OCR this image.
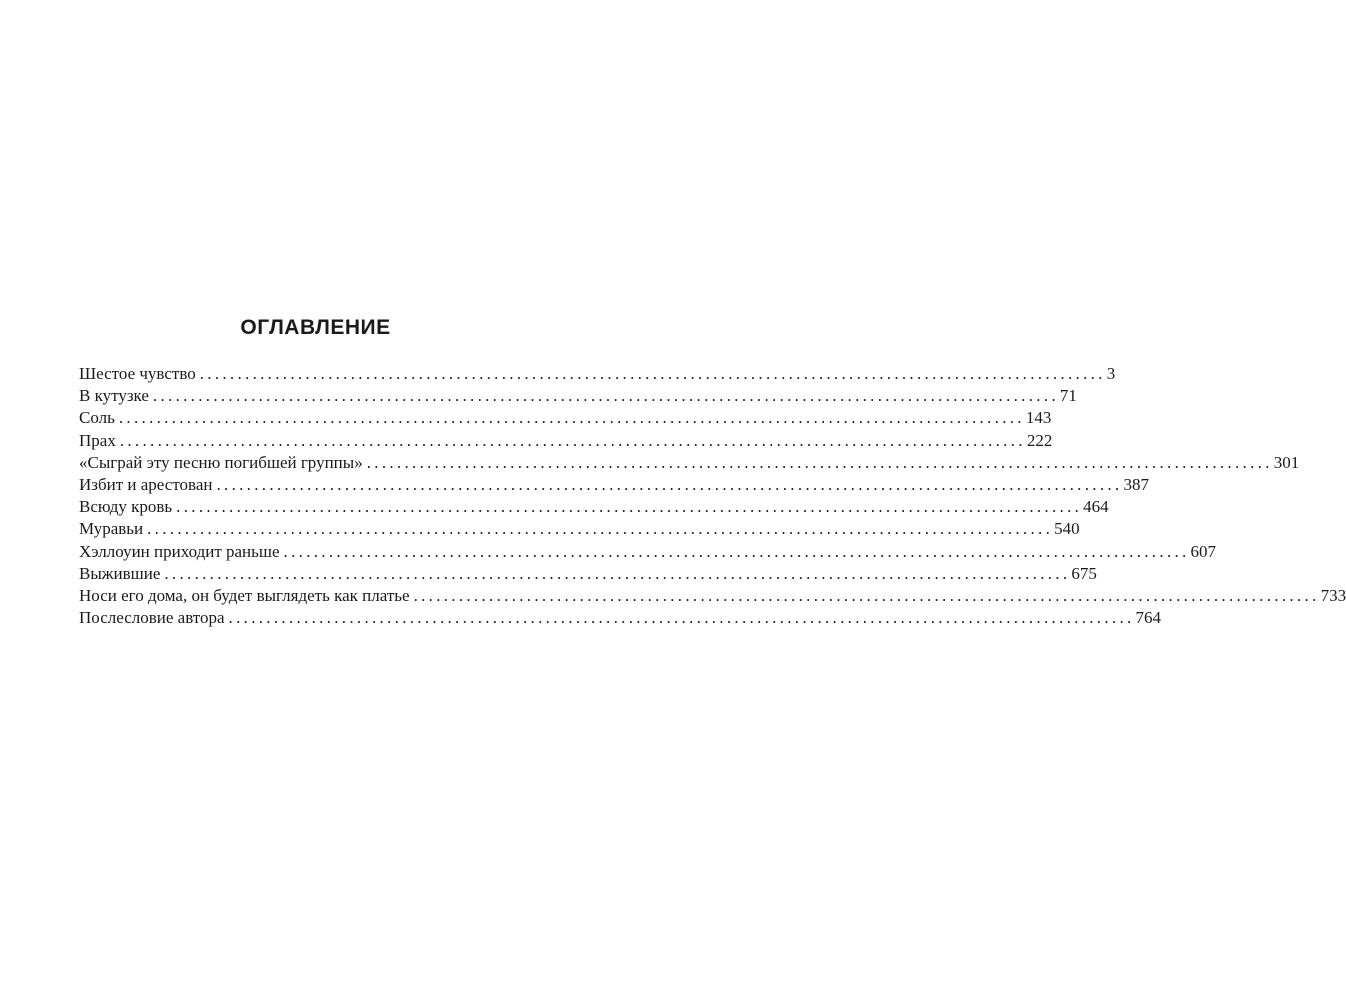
ОГЛАВЛЕНИЕ
Шестое чувство ........................................................................................................................ 3
В кутузке ........................................................................................................................ 71
Соль ........................................................................................................................ 143
Прах ........................................................................................................................ 222
«Сыграй эту песню погибшей группы» ........................................................................................................................ 301
Избит и арестован ........................................................................................................................ 387
Всюду кровь ........................................................................................................................ 464
Муравьи ........................................................................................................................ 540
Хэллоуин приходит раньше ........................................................................................................................ 607
Выжившие ........................................................................................................................ 675
Носи его дома, он будет выглядеть как платье ........................................................................................................................ 733
Послесловие автора ........................................................................................................................ 764
